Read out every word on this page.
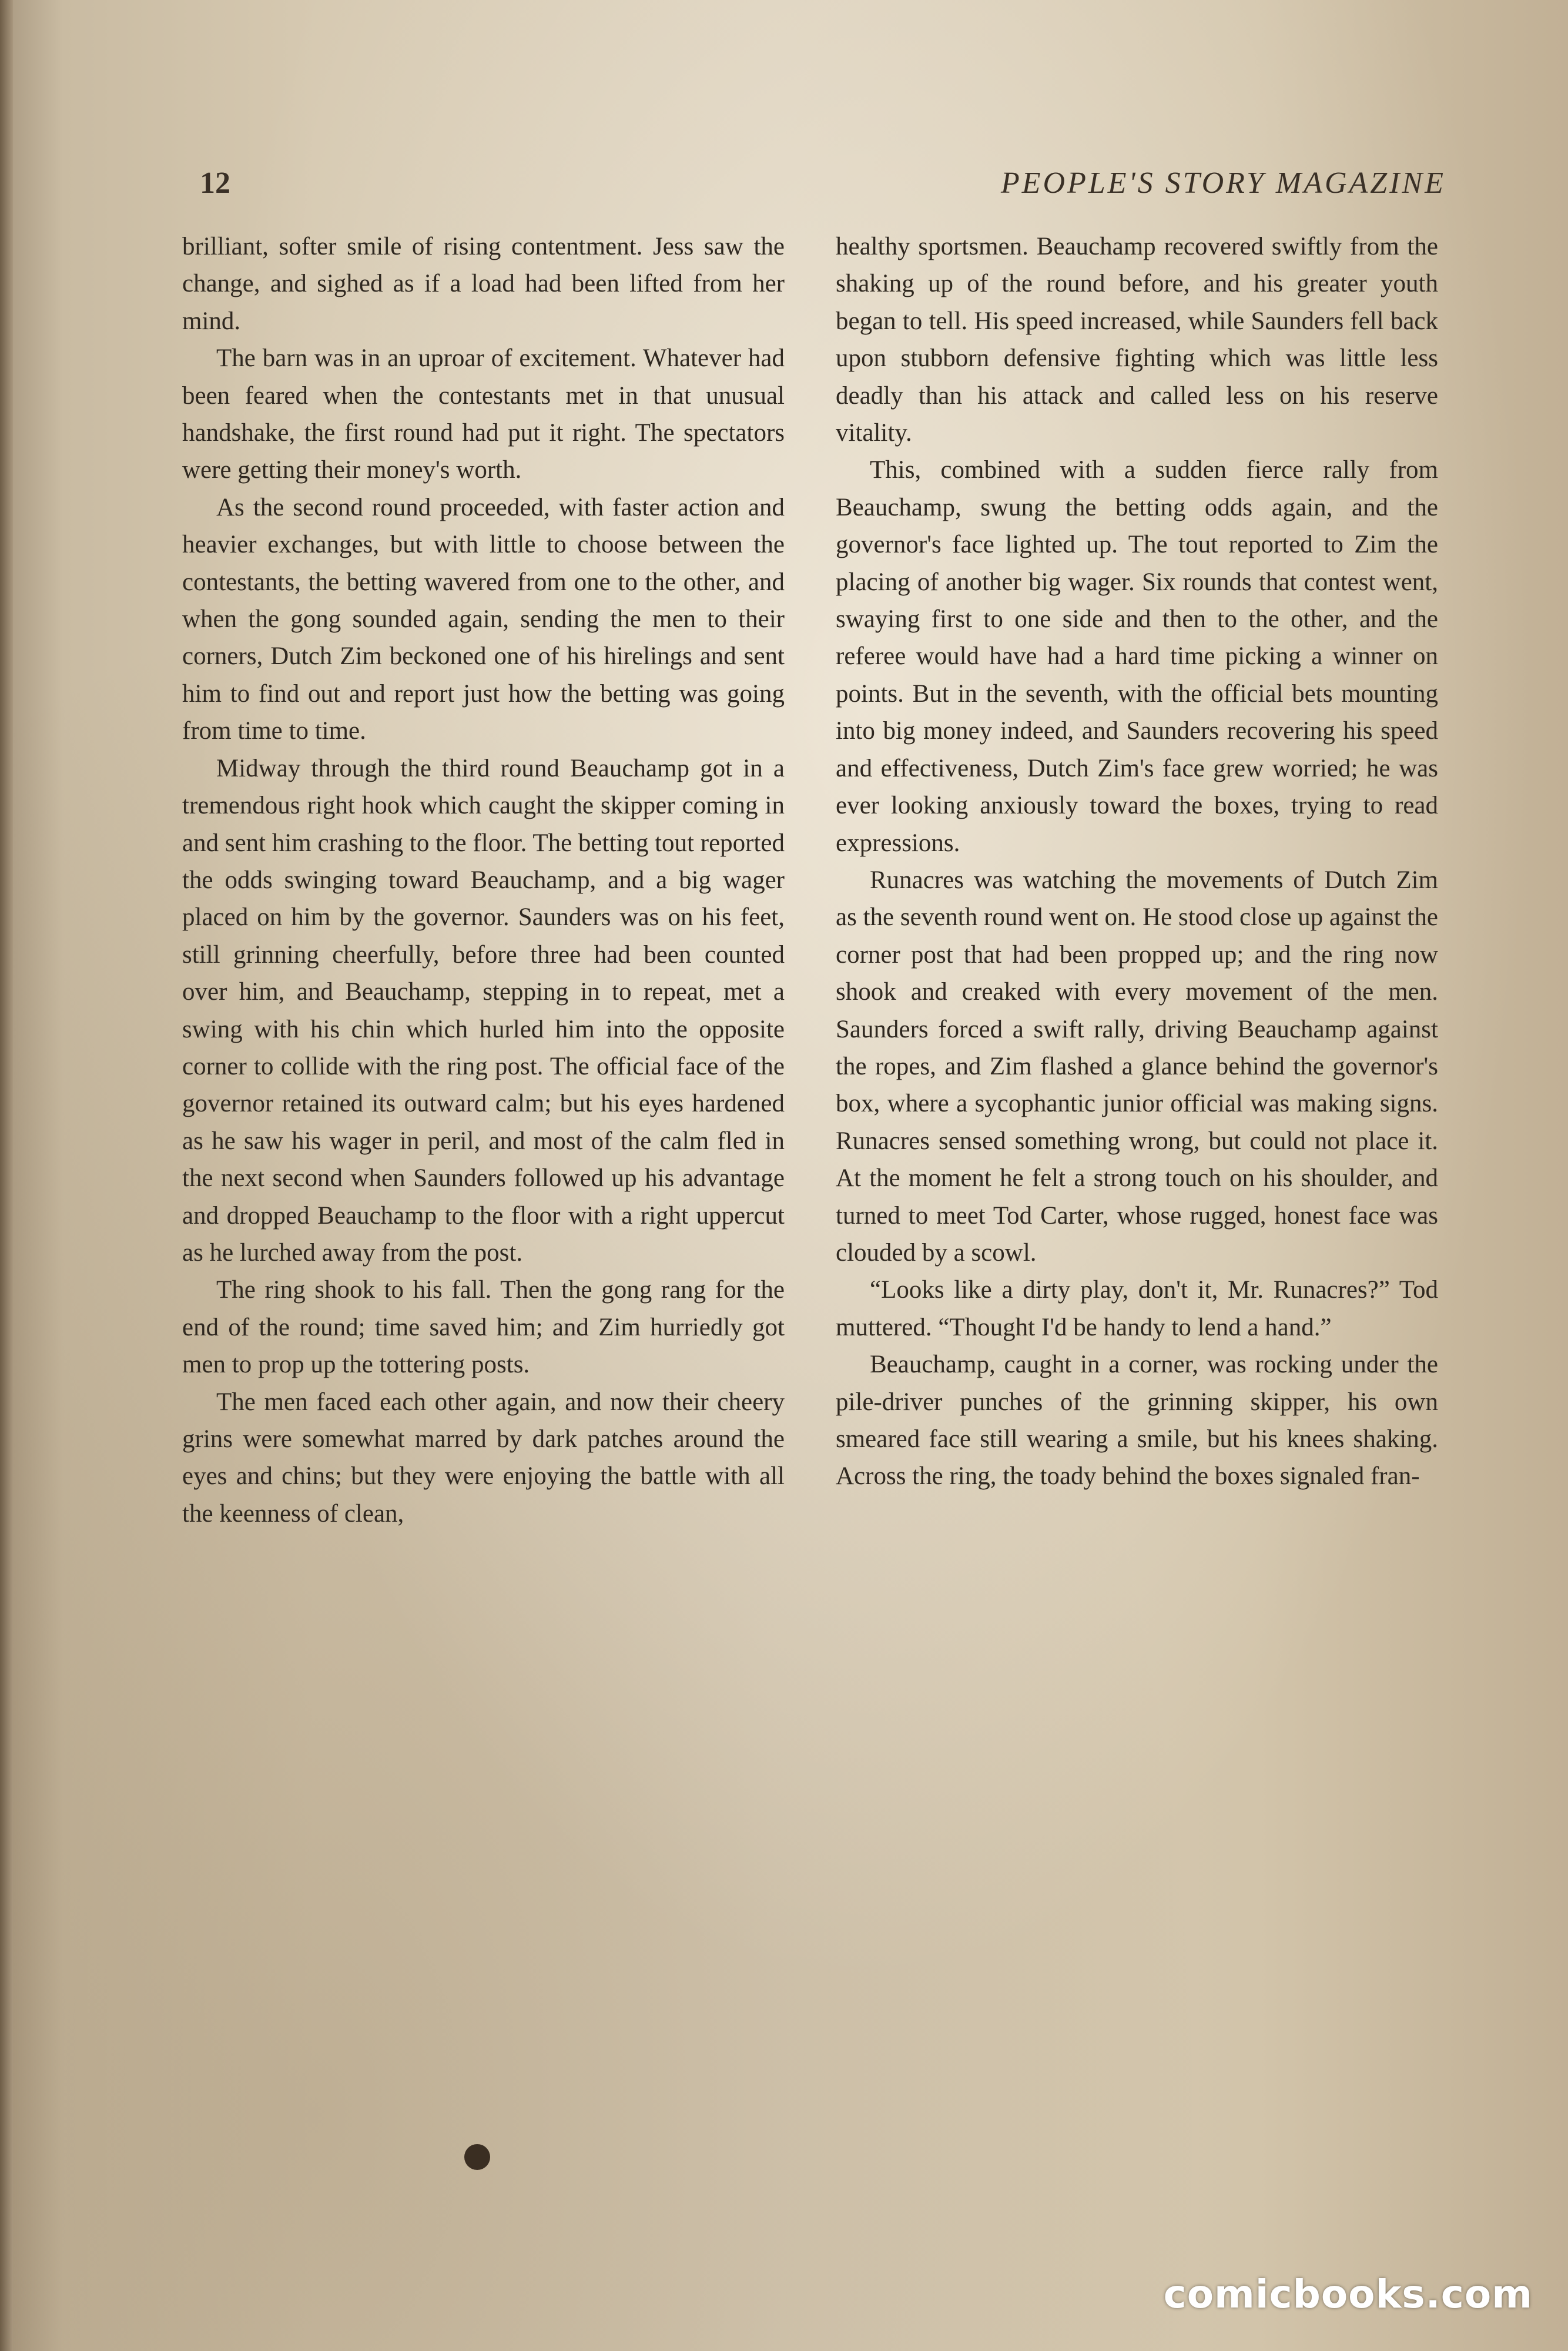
12	PEOPLE'S STORY MAGAZINE

brilliant, softer smile of rising contentment. Jess saw the change, and sighed as if a load had been lifted from her mind.

The barn was in an uproar of excitement. Whatever had been feared when the contestants met in that unusual handshake, the first round had put it right. The spectators were getting their money's worth.

As the second round proceeded, with faster action and heavier exchanges, but with little to choose between the contestants, the betting wavered from one to the other, and when the gong sounded again, sending the men to their corners, Dutch Zim beckoned one of his hirelings and sent him to find out and report just how the betting was going from time to time.

Midway through the third round Beauchamp got in a tremendous right hook which caught the skipper coming in and sent him crashing to the floor. The betting tout reported the odds swinging toward Beauchamp, and a big wager placed on him by the governor. Saunders was on his feet, still grinning cheerfully, before three had been counted over him, and Beauchamp, stepping in to repeat, met a swing with his chin which hurled him into the opposite corner to collide with the ring post. The official face of the governor retained its outward calm; but his eyes hardened as he saw his wager in peril, and most of the calm fled in the next second when Saunders followed up his advantage and dropped Beauchamp to the floor with a right uppercut as he lurched away from the post.

The ring shook to his fall. Then the gong rang for the end of the round; time saved him; and Zim hurriedly got men to prop up the tottering posts.

The men faced each other again, and now their cheery grins were somewhat marred by dark patches around the eyes and chins; but they were enjoying the battle with all the keenness of clean,

healthy sportsmen. Beauchamp recovered swiftly from the shaking up of the round before, and his greater youth began to tell. His speed increased, while Saunders fell back upon stubborn defensive fighting which was little less deadly than his attack and called less on his reserve vitality.

This, combined with a sudden fierce rally from Beauchamp, swung the betting odds again, and the governor's face lighted up. The tout reported to Zim the placing of another big wager. Six rounds that contest went, swaying first to one side and then to the other, and the referee would have had a hard time picking a winner on points. But in the seventh, with the official bets mounting into big money indeed, and Saunders recovering his speed and effectiveness, Dutch Zim's face grew worried; he was ever looking anxiously toward the boxes, trying to read expressions.

Runacres was watching the movements of Dutch Zim as the seventh round went on. He stood close up against the corner post that had been propped up; and the ring now shook and creaked with every movement of the men. Saunders forced a swift rally, driving Beauchamp against the ropes, and Zim flashed a glance behind the governor's box, where a sycophantic junior official was making signs. Runacres sensed something wrong, but could not place it. At the moment he felt a strong touch on his shoulder, and turned to meet Tod Carter, whose rugged, honest face was clouded by a scowl.

“Looks like a dirty play, don't it, Mr. Runacres?” Tod muttered. “Thought I'd be handy to lend a hand.”

Beauchamp, caught in a corner, was rocking under the pile-driver punches of the grinning skipper, his own smeared face still wearing a smile, but his knees shaking. Across the ring, the toady behind the boxes signaled fran-

comicbooks.com
